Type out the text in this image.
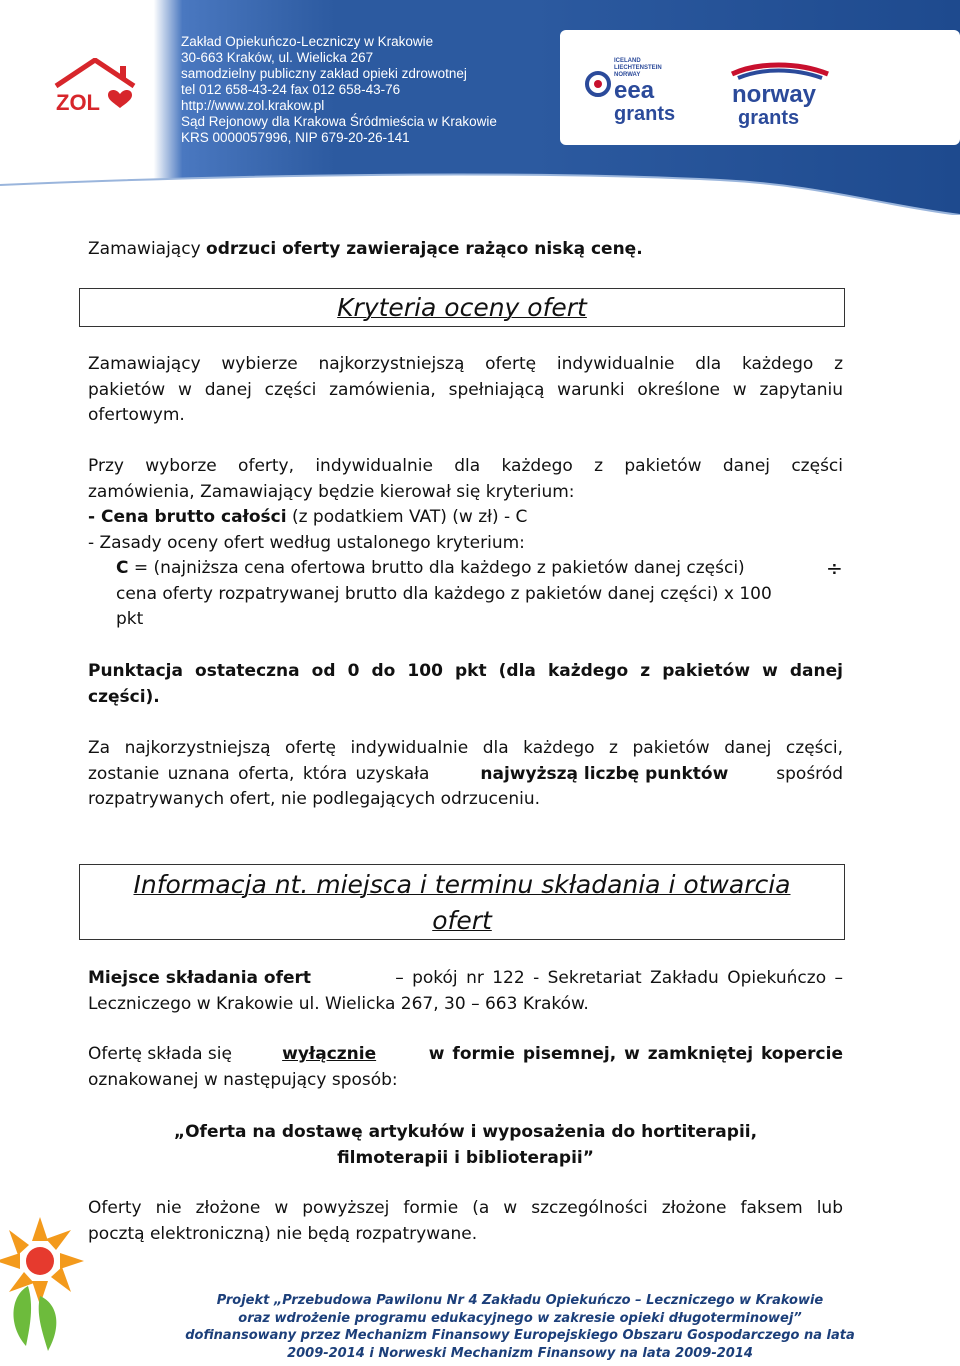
Zakład Opiekuńczo-Leczniczy w Krakowie
30-663 Kraków, ul. Wielicka 267
samodzielny publiczny zakład opieki zdrowotnej
tel 012 658-43-24 fax 012 658-43-76
http://www.zol.krakow.pl
Sąd Rejonowy dla Krakowa Śródmieścia w Krakowie
KRS 0000057996, NIP 679-20-26-141
ZOL
ICELAND
LIECHTENSTEIN
NORWAY
eea
grants
norway
grants
Zamawiający odrzuci oferty zawierające rażąco niską cenę.
Kryteria oceny ofert
Zamawiający wybierze najkorzystniejszą ofertę indywidualnie dla każdego z
pakietów w danej części zamówienia, spełniającą warunki określone w zapytaniu
ofertowym.
Przy wyborze oferty, indywidualnie dla każdego z pakietów danej części
zamówienia, Zamawiający będzie kierował się kryterium:
- Cena brutto całości (z podatkiem VAT) (w zł) - C
- Zasady oceny ofert według ustalonego kryterium:
C = (najniższa cena ofertowa brutto dla każdego z pakietów danej części)	÷
cena oferty rozpatrywanej brutto dla każdego z pakietów danej części) x 100
pkt
Punktacja ostateczna od 0 do 100 pkt (dla każdego z pakietów w danej
części).
Za najkorzystniejszą ofertę indywidualnie dla każdego z pakietów danej części,
zostanie uznana oferta, która uzyskała	najwyższą liczbę punktów	spośród
rozpatrywanych ofert, nie podlegających odrzuceniu.
Informacja nt. miejsca i terminu składania i otwarcia
ofert
Miejsce składania ofert	– pokój nr 122 - Sekretariat Zakładu Opiekuńczo –
Leczniczego w Krakowie ul. Wielicka 267, 30 – 663 Kraków.
Ofertę składa się	wyłącznie	w formie pisemnej, w zamkniętej kopercie
oznakowanej w następujący sposób:
„Oferta na dostawę artykułów i wyposażenia do hortiterapii,
filmoterapii i biblioterapii”
Oferty nie złożone w powyższej formie (a w szczególności złożone faksem lub
pocztą elektroniczną) nie będą rozpatrywane.
Projekt „Przebudowa Pawilonu Nr 4 Zakładu Opiekuńczo – Leczniczego w Krakowie
oraz wdrożenie programu edukacyjnego w zakresie opieki długoterminowej”
dofinansowany przez Mechanizm Finansowy Europejskiego Obszaru Gospodarczego na lata
2009-2014 i Norweski Mechanizm Finansowy na lata 2009-2014
